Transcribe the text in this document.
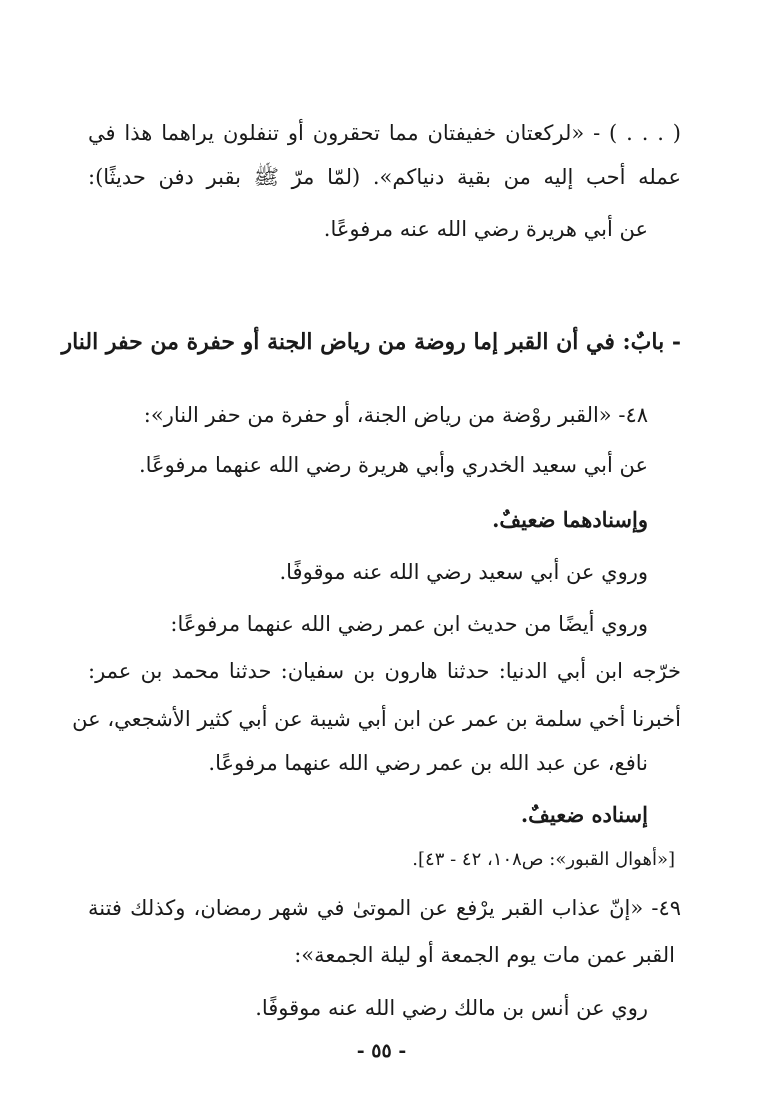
( . . . ) - «لركعتان خفيفتان مما تحقرون أو تنفلون يراهما هذا في
عمله أحب إليه من بقية دنياكم». (لمّا مرّ ﷺ بقبر دفن حديثًا):
عن أبي هريرة رضي الله عنه مرفوعًا.
- بابٌ: في أن القبر إما روضة من رياض الجنة أو حفرة من حفر النار
٤٨- «القبر روْضة من رياض الجنة، أو حفرة من حفر النار»:
عن أبي سعيد الخدري وأبي هريرة رضي الله عنهما مرفوعًا.
وإسنادهما ضعيفٌ.
وروي عن أبي سعيد رضي الله عنه موقوفًا.
وروي أيضًا من حديث ابن عمر رضي الله عنهما مرفوعًا:
خرّجه ابن أبي الدنيا: حدثنا هارون بن سفيان: حدثنا محمد بن عمر:
أخبرنا أخي سلمة بن عمر عن ابن أبي شيبة عن أبي كثير الأشجعي، عن
نافع، عن عبد الله بن عمر رضي الله عنهما مرفوعًا.
إسناده ضعيفٌ.
[«أهوال القبور»: ص١٠٨، ٤٢ - ٤٣].
٤٩- «إنّ عذاب القبر يرْفع عن الموتىٰ في شهر رمضان، وكذلك فتنة
القبر عمن مات يوم الجمعة أو ليلة الجمعة»:
روي عن أنس بن مالك رضي الله عنه موقوفًا.
- ٥٥ -
